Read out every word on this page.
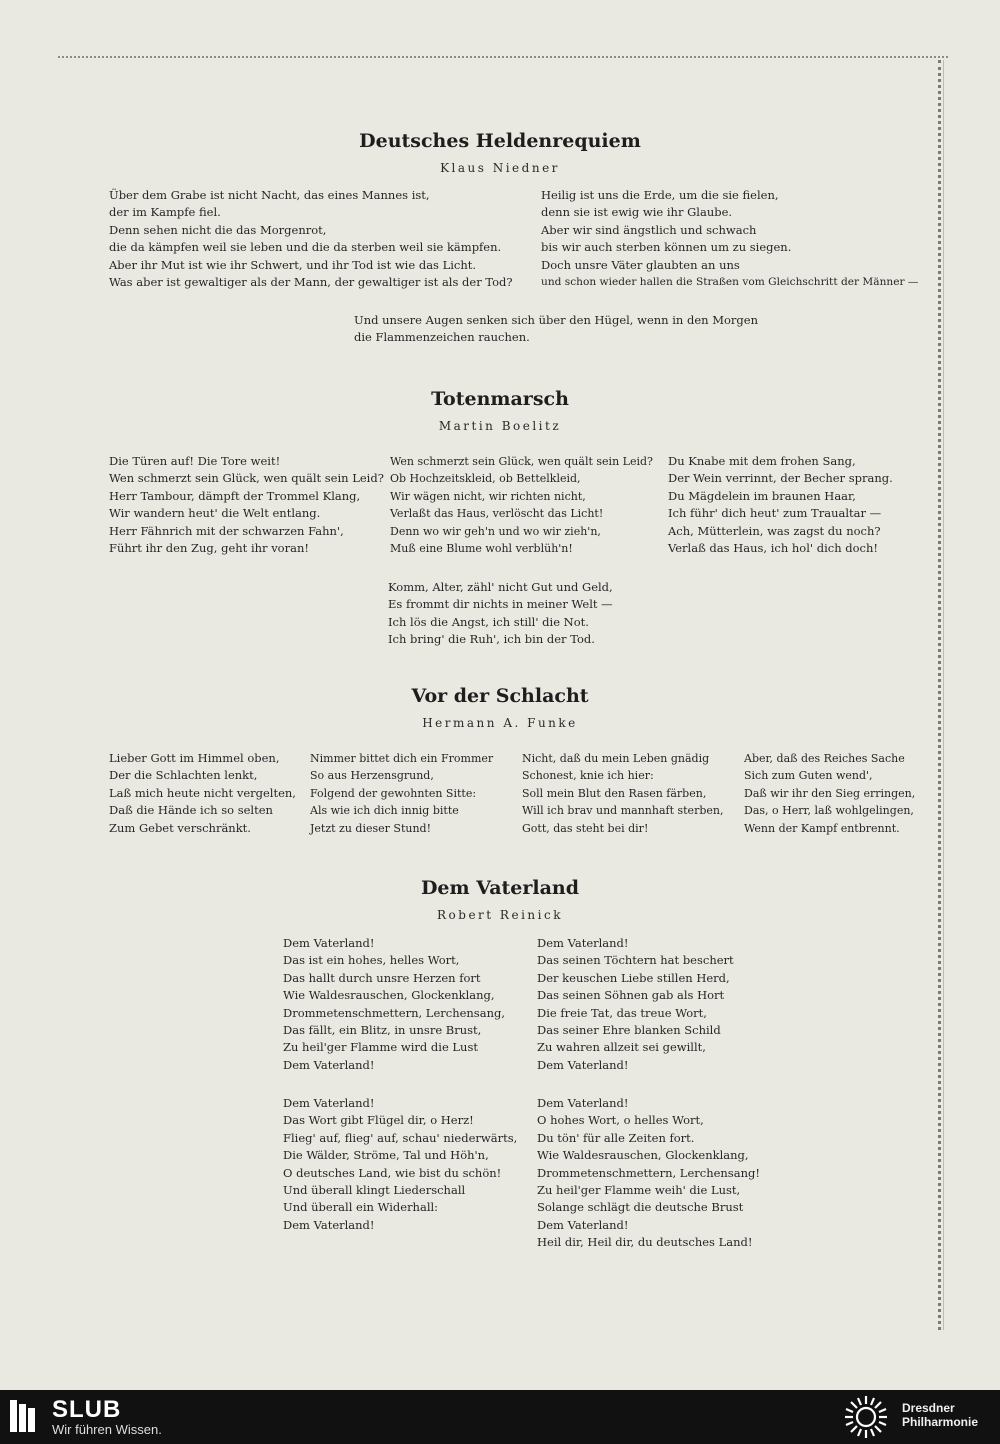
Deutsches Heldenrequiem
Klaus Niedner
Über dem Grabe ist nicht Nacht, das eines Mannes ist,
der im Kampfe fiel.
Denn sehen nicht die das Morgenrot,
die da kämpfen weil sie leben und die da sterben weil sie kämpfen.
Aber ihr Mut ist wie ihr Schwert, und ihr Tod ist wie das Licht.
Was aber ist gewaltiger als der Mann, der gewaltiger ist als der Tod?
Heilig ist uns die Erde, um die sie fielen,
denn sie ist ewig wie ihr Glaube.
Aber wir sind ängstlich und schwach
bis wir auch sterben können um zu siegen.
Doch unsre Väter glaubten an uns
und schon wieder hallen die Straßen vom Gleichschritt der Männer —
Und unsere Augen senken sich über den Hügel, wenn in den Morgen
die Flammenzeichen rauchen.
Totenmarsch
Martin Boelitz
Die Türen auf! Die Tore weit!
Wen schmerzt sein Glück, wen quält sein Leid?
Herr Tambour, dämpft der Trommel Klang,
Wir wandern heut' die Welt entlang.
Herr Fähnrich mit der schwarzen Fahn',
Führt ihr den Zug, geht ihr voran!
Wen schmerzt sein Glück, wen quält sein Leid?
Ob Hochzeitskleid, ob Bettelkleid,
Wir wägen nicht, wir richten nicht,
Verlaßt das Haus, verlöscht das Licht!
Denn wo wir geh'n und wo wir zieh'n,
Muß eine Blume wohl verblüh'n!
Du Knabe mit dem frohen Sang,
Der Wein verrinnt, der Becher sprang.
Du Mägdelein im braunen Haar,
Ich führ' dich heut' zum Traualtar —
Ach, Mütterlein, was zagst du noch?
Verlaß das Haus, ich hol' dich doch!
Komm, Alter, zähl' nicht Gut und Geld,
Es frommt dir nichts in meiner Welt —
Ich lös die Angst, ich still' die Not.
Ich bring' die Ruh', ich bin der Tod.
Vor der Schlacht
Hermann A. Funke
Lieber Gott im Himmel oben,
Der die Schlachten lenkt,
Laß mich heute nicht vergelten,
Daß die Hände ich so selten
Zum Gebet verschränkt.
Nimmer bittet dich ein Frommer
So aus Herzensgrund,
Folgend der gewohnten Sitte:
Als wie ich dich innig bitte
Jetzt zu dieser Stund!
Nicht, daß du mein Leben gnädig
Schonest, knie ich hier:
Soll mein Blut den Rasen färben,
Will ich brav und mannhaft sterben,
Gott, das steht bei dir!
Aber, daß des Reiches Sache
Sich zum Guten wend',
Daß wir ihr den Sieg erringen,
Das, o Herr, laß wohlgelingen,
Wenn der Kampf entbrennt.
Dem Vaterland
Robert Reinick
Dem Vaterland!
Das ist ein hohes, helles Wort,
Das hallt durch unsre Herzen fort
Wie Waldesrauschen, Glockenklang,
Drommetenschmettern, Lerchensang,
Das fällt, ein Blitz, in unsre Brust,
Zu heil'ger Flamme wird die Lust
Dem Vaterland!
Dem Vaterland!
Das seinen Töchtern hat beschert
Der keuschen Liebe stillen Herd,
Das seinen Söhnen gab als Hort
Die freie Tat, das treue Wort,
Das seiner Ehre blanken Schild
Zu wahren allzeit sei gewillt,
Dem Vaterland!
Dem Vaterland!
Das Wort gibt Flügel dir, o Herz!
Flieg' auf, flieg' auf, schau' niederwärts,
Die Wälder, Ströme, Tal und Höh'n,
O deutsches Land, wie bist du schön!
Und überall klingt Liederschall
Und überall ein Widerhall:
Dem Vaterland!
Dem Vaterland!
O hohes Wort, o helles Wort,
Du tön' für alle Zeiten fort.
Wie Waldesrauschen, Glockenklang,
Drommetenschmettern, Lerchensang!
Zu heil'ger Flamme weih' die Lust,
Solange schlägt die deutsche Brust
Dem Vaterland!
Heil dir, Heil dir, du deutsches Land!
SLUB
Wir führen Wissen.
Dresdner
Philharmonie
